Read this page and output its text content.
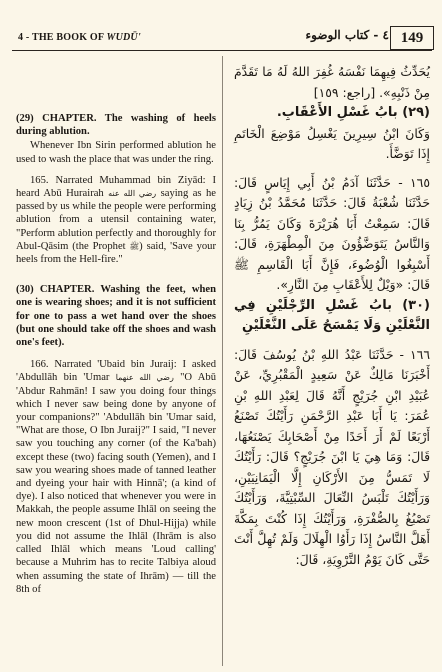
4 - THE BOOK OF WUDŪ'	٤ - كتاب الوضوء 149

(29) CHAPTER. The washing of heels during ablution.

Whenever Ibn Sirin performed ablution he used to wash the place that was under the ring.

165. Narrated Muhammad bin Ziyād: I heard Abū Hurairah رضي الله عنه saying as he passed by us while the people were performing ablution from a utensil containing water, "Perform ablution perfectly and thoroughly for Abul-Qāsim (the Prophet ﷺ) said, 'Save your heels from the Hell-fire."

(30) CHAPTER. Washing the feet, when one is wearing shoes; and it is not sufficient for one to pass a wet hand over the shoes (but one should take off the shoes and wash one's feet).

166. Narrated 'Ubaid bin Juraij: I asked 'Abdullāh bin 'Umar رضي الله عنهما "O Abū 'Abdur Rahmān! I saw you doing four things which I never saw being done by anyone of your companions?" 'Abdullāh bin 'Umar said, "What are those, O Ibn Juraij?" I said, "I never saw you touching any corner (of the Ka'bah) except these (two) facing south (Yemen), and I saw you wearing shoes made of tanned leather and dyeing your hair with Hinnā'; (a kind of dye). I also noticed that whenever you were in Makkah, the people assume Ihlāl on seeing the new moon crescent (1st of Dhul-Hijja) while you did not assume the Ihlāl (Ihrām is also called Ihlāl which means 'Loud calling' because a Muhrim has to recite Talbiya aloud when assuming the state of Ihrām) — till the 8th of

يُحَدِّثُ فِيهِمَا نَفْسَهُ غُفِرَ اللهُ لَهُ مَا تَقَدَّمَ مِنْ ذَنْبِهِ». [راجع: ١٥٩]

(٢٩) بابُ غَسْلِ الأَعْقَابِ.

وَكَانَ ابْنُ سِيرِينَ يَغْسِلُ مَوْضِعَ الْخَاتَمِ إِذَا تَوَضَّأَ.

١٦٥ - حَدَّثَنَا آدَمُ بْنُ أَبِي إِيَاسٍ قَالَ: حَدَّثَنَا شُعْبَةُ قَالَ: حَدَّثَنَا مُحَمَّدُ بْنُ زِيَادٍ قَالَ: سَمِعْتُ أَبَا هُرَيْرَةَ وَكَانَ يَمُرُّ بِنَا وَالنَّاسُ يَتَوَضَّؤُونَ مِنَ الْمِطْهَرَةِ، قَالَ: أَسْبِغُوا الْوُضُوءَ، فَإِنَّ أَبَا الْقَاسِمِ ﷺ قَالَ: «وَيْلٌ لِلأَعْقَابِ مِنَ النَّارِ».

(٣٠) بابُ غَسْلِ الرِّجْلَيْنِ فِي النَّعْلَيْنِ وَلَا يَمْسَحُ عَلَى النَّعْلَيْنِ

١٦٦ - حَدَّثَنَا عَبْدُ اللهِ بْنُ يُوسُفَ قَالَ: أَخْبَرَنَا مَالِكٌ عَنْ سَعِيدٍ الْمَقْبُرِيِّ، عَنْ عُبَيْدِ ابْنِ جُرَيْجٍ أَنَّهُ قَالَ لِعَبْدِ اللهِ بْنِ عُمَرَ: يَا أَبَا عَبْدِ الرَّحْمَنِ رَأَيْتُكَ تَصْنَعُ أَرْبَعًا لَمْ أَرَ أَحَدًا مِنْ أَصْحَابِكَ يَصْنَعُهَا، قَالَ: وَمَا هِيَ يَا ابْنَ جُرَيْجٍ؟ قَالَ: رَأَيْتُكَ لَا تَمَسُّ مِنَ الأَرْكَانِ إِلَّا الْيَمَانِيَيْنِ، وَرَأَيْتُكَ تَلْبَسُ النِّعَالَ السِّبْتِيَّةَ، وَرَأَيْتُكَ تَصْبُغُ بِالصُّفْرَةِ، وَرَأَيْتُكَ إِذَا كُنْتَ بِمَكَّةَ أَهَلَّ النَّاسُ إِذَا رَأَوُا الْهِلَالَ وَلَمْ تُهِلَّ أَنْتَ حَتَّى كَانَ يَوْمُ التَّرْوِيَةِ، قَالَ:
